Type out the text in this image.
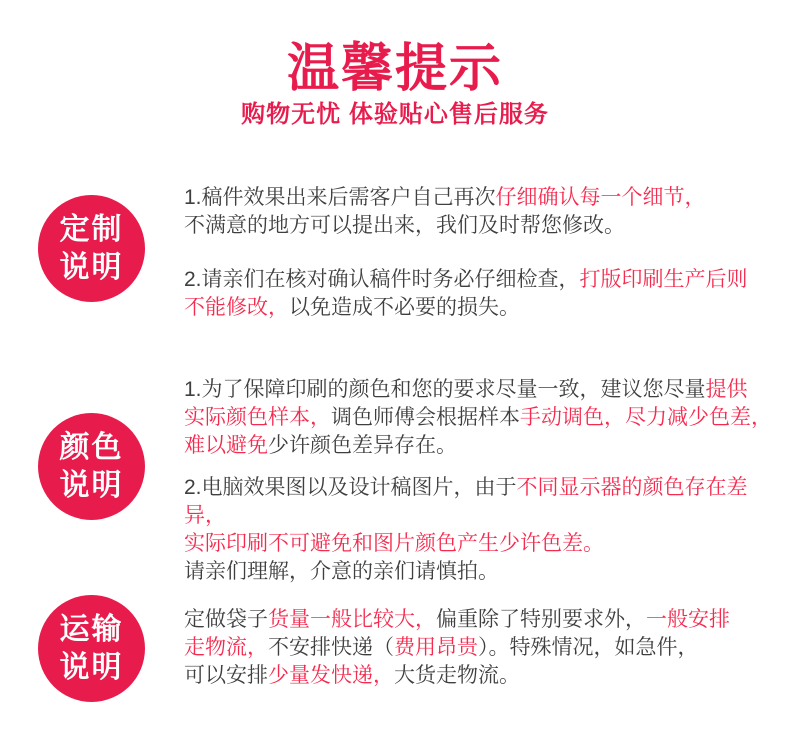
温馨提示
购物无忧 体验贴心售后服务
定制
说明

1.稿件效果出来后需客户自己再次仔细确认每一个细节，
不满意的地方可以提出来，我们及时帮您修改。

2.请亲们在核对确认稿件时务必仔细检查，打版印刷生产后则
不能修改，以免造成不必要的损失。

颜色
说明

1.为了保障印刷的颜色和您的要求尽量一致，建议您尽量提供
实际颜色样本，调色师傅会根据样本手动调色，尽力减少色差，
难以避免少许颜色差异存在。

2.电脑效果图以及设计稿图片，由于不同显示器的颜色存在差异，
实际印刷不可避免和图片颜色产生少许色差。
请亲们理解，介意的亲们请慎拍。

运输
说明

定做袋子货量一般比较大，偏重除了特别要求外，一般安排
走物流，不安排快递（费用昂贵）。特殊情况，如急件，
可以安排少量发快递，大货走物流。
